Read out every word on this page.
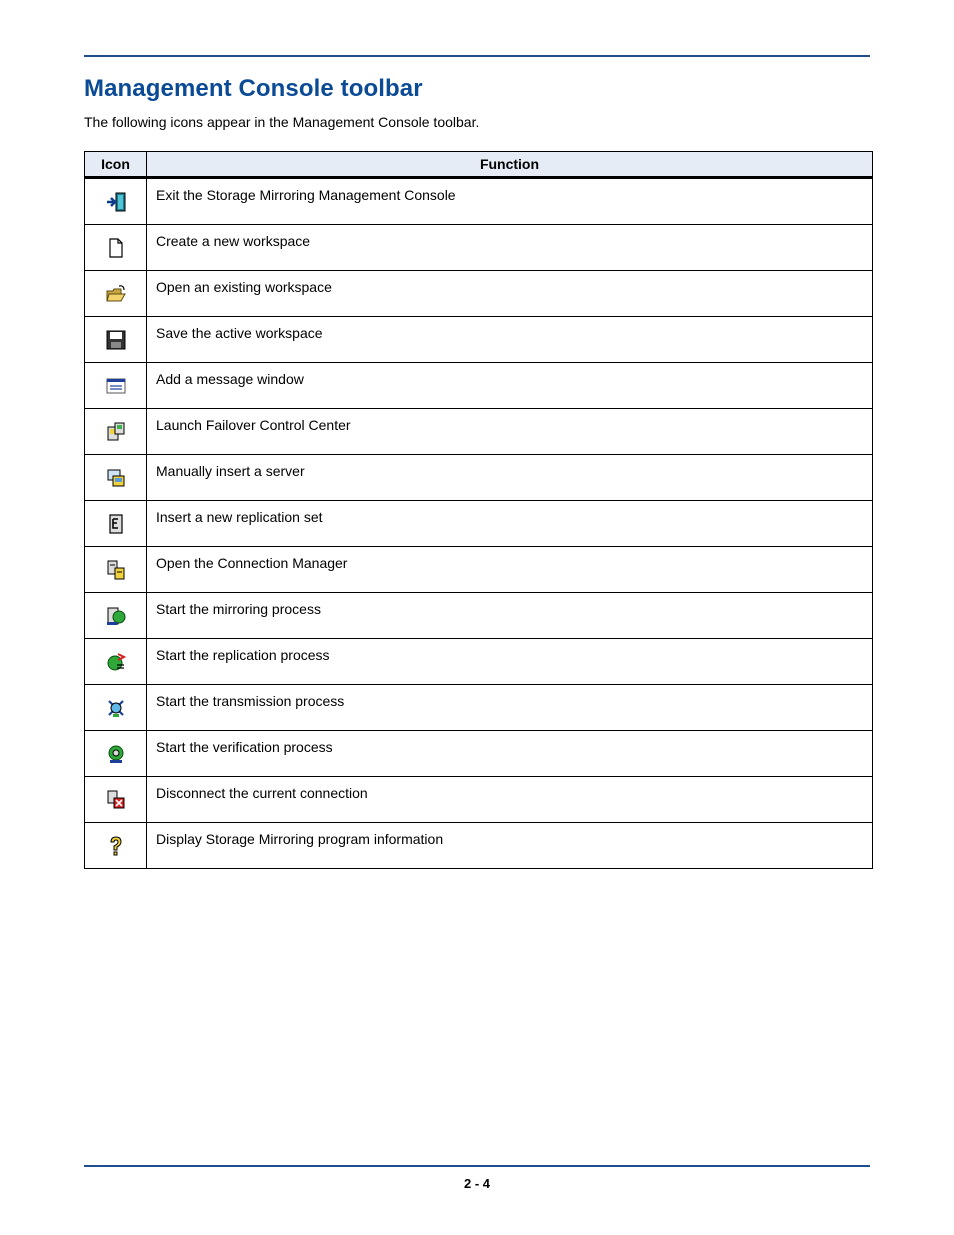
Management Console toolbar

The following icons appear in the Management Console toolbar.

Icon	Function
	Exit the Storage Mirroring Management Console
	Create a new workspace
	Open an existing workspace
	Save the active workspace
	Add a message window
	Launch Failover Control Center
	Manually insert a server
	Insert a new replication set
	Open the Connection Manager
	Start the mirroring process
	Start the replication process
	Start the transmission process
	Start the verification process
	Disconnect the current connection
	Display Storage Mirroring program information
2 - 4
